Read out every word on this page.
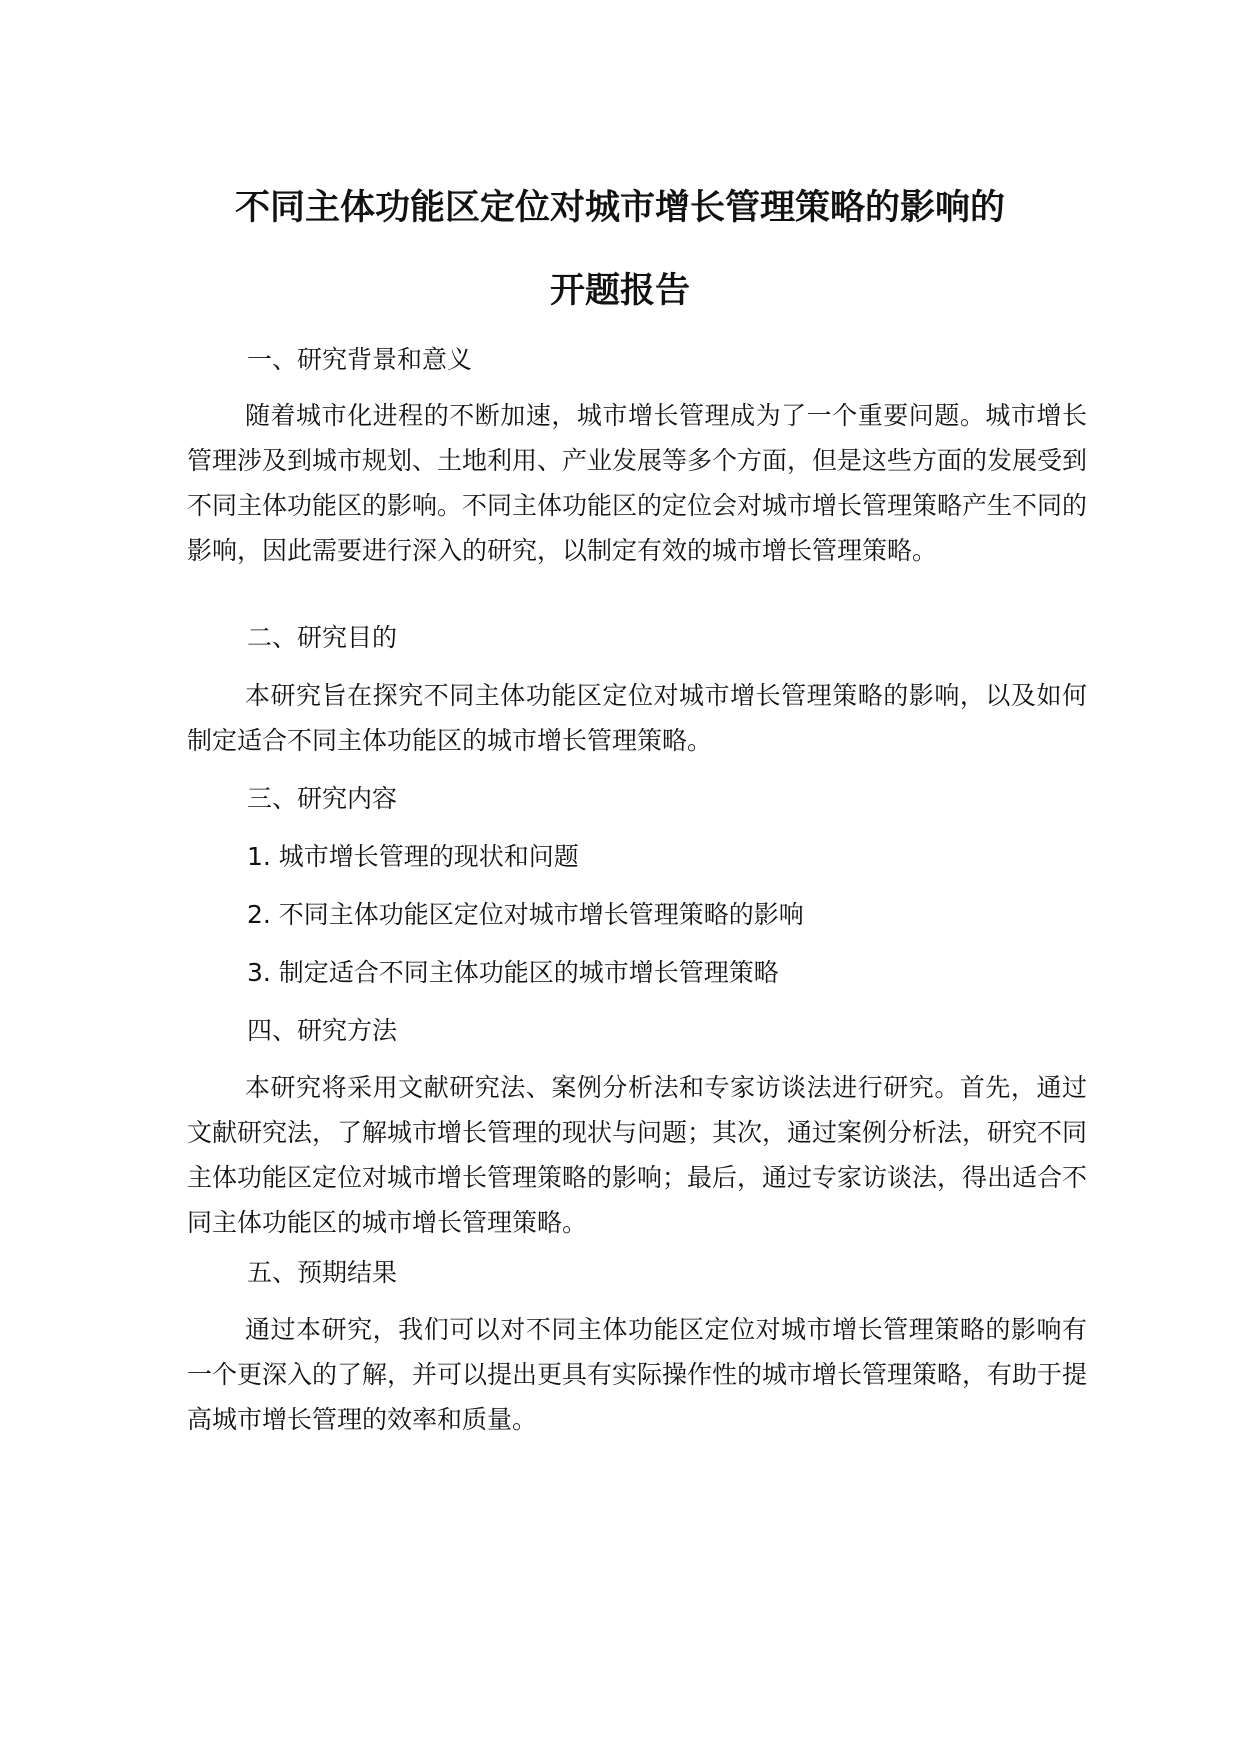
不同主体功能区定位对城市增长管理策略的影响的
开题报告
一、研究背景和意义
随着城市化进程的不断加速，城市增长管理成为了一个重要问题。城市增长管理涉及到城市规划、土地利用、产业发展等多个方面，但是这些方面的发展受到不同主体功能区的影响。不同主体功能区的定位会对城市增长管理策略产生不同的影响，因此需要进行深入的研究，以制定有效的城市增长管理策略。
二、研究目的
本研究旨在探究不同主体功能区定位对城市增长管理策略的影响，以及如何制定适合不同主体功能区的城市增长管理策略。
三、研究内容
1. 城市增长管理的现状和问题
2. 不同主体功能区定位对城市增长管理策略的影响
3. 制定适合不同主体功能区的城市增长管理策略
四、研究方法
本研究将采用文献研究法、案例分析法和专家访谈法进行研究。首先，通过文献研究法，了解城市增长管理的现状与问题；其次，通过案例分析法，研究不同主体功能区定位对城市增长管理策略的影响；最后，通过专家访谈法，得出适合不同主体功能区的城市增长管理策略。
五、预期结果
通过本研究，我们可以对不同主体功能区定位对城市增长管理策略的影响有一个更深入的了解，并可以提出更具有实际操作性的城市增长管理策略，有助于提高城市增长管理的效率和质量。
